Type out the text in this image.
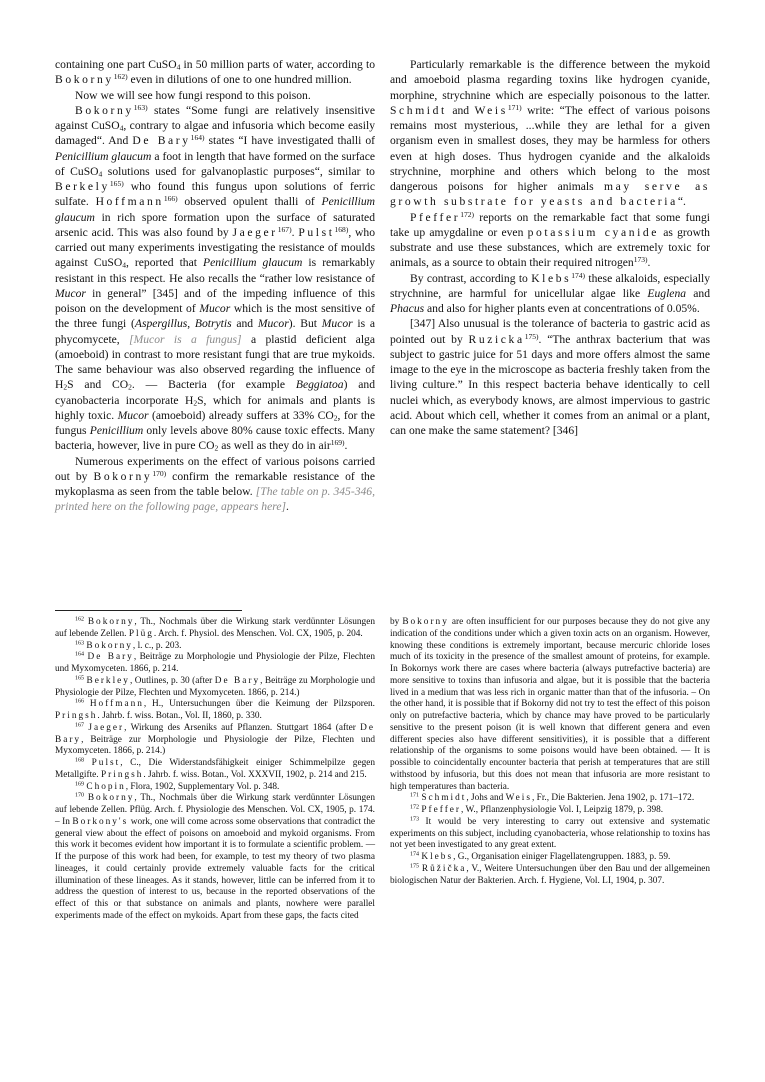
containing one part CuSO$_4$ in 50 million parts of water, according to Bokorny$^{162)}$ even in dilutions of one to one hundred million.

Now we will see how fungi respond to this poison.

Bokorny$^{163)}$ states “Some fungi are relatively insensitive against CuSO$_4$, contrary to algae and infusoria which become easily damaged“. And De Bary$^{164)}$ states “I have investigated thalli of Penicillium glaucum a foot in length that have formed on the surface of CuSO$_4$ solutions used for galvanoplastic purposes“, similar to Berkely$^{165)}$ who found this fungus upon solutions of ferric sulfate. Hoffmann$^{166)}$ observed opulent thalli of Penicillium glaucum in rich spore formation upon the surface of saturated arsenic acid. This was also found by Jaeger$^{167)}$. Pulst$^{168)}$, who carried out many experiments investigating the resistance of moulds against CuSO$_4$, reported that Penicillium glaucum is remarkably resistant in this respect. He also recalls the “rather low resistance of Mucor in general” [345] and of the impeding influence of this poison on the development of Mucor which is the most sensitive of the three fungi (Aspergillus, Botrytis and Mucor). But Mucor is a phycomycete, [Mucor is a fungus] a plastid deficient alga (amoeboid) in contrast to more resistant fungi that are true mykoids. The same behaviour was also observed regarding the influence of $H_2S$ and $CO_2$. — Bacteria (for example Beggiatoa) and cyanobacteria incorporate $H_2S$, which for animals and plants is highly toxic. Mucor (amoeboid) already suffers at 33% $CO_2$, for the fungus Penicillium only levels above 80% cause toxic effects. Many bacteria, however, live in pure $CO_2$ as well as they do in air$^{169)}$.

Numerous experiments on the effect of various poisons carried out by Bokorny$^{170)}$ confirm the remarkable resistance of the mykoplasma as seen from the table below. [The table on p. 345-346, printed here on the following page, appears here].

Particularly remarkable is the difference between the mykoid and amoeboid plasma regarding toxins like hydrogen cyanide, morphine, strychnine which are especially poisonous to the latter. Schmidt and Weis$^{171)}$ write: “The effect of various poisons remains most mysterious, ...while they are lethal for a given organism even in smallest doses, they may be harmless for others even at high doses. Thus hydrogen cyanide and the alkaloids strychnine, morphine and others which belong to the most dangerous poisons for higher animals may serve as growth substrate for yeasts and bacteria“.

Pfeffer$^{172)}$ reports on the remarkable fact that some fungi take up amygdaline or even potassium cyanide as growth substrate and use these substances, which are extremely toxic for animals, as a source to obtain their required nitrogen$^{173)}$.

By contrast, according to Klebs$^{174)}$ these alkaloids, especially strychnine, are harmful for unicellular algae like Euglena and Phacus and also for higher plants even at concentrations of 0.05%.

[347] Also unusual is the tolerance of bacteria to gastric acid as pointed out by Ruzicka$^{175)}$. “The anthrax bacterium that was subject to gastric juice for 51 days and more offers almost the same image to the eye in the microscope as bacteria freshly taken from the living culture.” In this respect bacteria behave identically to cell nuclei which, as everybody knows, are almost impervious to gastric acid. About which cell, whether it comes from an animal or a plant, can one make the same statement? [346]

$^{162}$ Bokorny, Th., Nochmals über die Wirkung stark verdünnter Lösungen auf lebende Zellen. Plüg. Arch. f. Physiol. des Menschen. Vol. CX, 1905, p. 204.

$^{163}$ Bokorny, l. c., p. 203.

$^{164}$ De Bary, Beiträge zu Morphologie und Physiologie der Pilze, Flechten und Myxomyceten. 1866, p. 214.

$^{165}$ Berkley, Outlines, p. 30 (after De Bary, Beiträge zu Morphologie und Physiologie der Pilze, Flechten und Myxomyceten. 1866, p. 214.)

$^{166}$ Hoffmann, H., Untersuchungen über die Keimung der Pilzsporen. Pringsh. Jahrb. f. wiss. Botan., Vol. II, 1860, p. 330.

$^{167}$ Jaeger, Wirkung des Arseniks auf Pflanzen. Stuttgart 1864 (after De Bary, Beiträge zur Morphologie und Physiologie der Pilze, Flechten und Myxomyceten. 1866, p. 214.)

$^{168}$ Pulst, C., Die Widerstandsfähigkeit einiger Schimmelpilze gegen Metallgifte. Pringsh. Jahrb. f. wiss. Botan., Vol. XXXVII, 1902, p. 214 and 215.

$^{169}$ Chopin, Flora, 1902, Supplementary Vol. p. 348.

$^{170}$ Bokorny, Th., Nochmals über die Wirkung stark verdünnter Lösungen auf lebende Zellen. Pflüg. Arch. f. Physiologie des Menschen. Vol. CX, 1905, p. 174. – In Borkony's work, one will come across some observations that contradict the general view about the effect of poisons on amoeboid and mykoid organisms. From this work it becomes evident how important it is to formulate a scientific problem. — If the purpose of this work had been, for example, to test my theory of two plasma lineages, it could certainly provide extremely valuable facts for the critical illumination of these lineages. As it stands, however, little can be inferred from it to address the question of interest to us, because in the reported observations of the effect of this or that substance on animals and plants, nowhere were parallel experiments made of the effect on mykoids. Apart from these gaps, the facts cited

by Bokorny are often insufficient for our purposes because they do not give any indication of the conditions under which a given toxin acts on an organism. However, knowing these conditions is extremely important, because mercuric chloride loses much of its toxicity in the presence of the smallest amount of proteins, for example. In Bokornys work there are cases where bacteria (always putrefactive bacteria) are more sensitive to toxins than infusoria and algae, but it is possible that the bacteria lived in a medium that was less rich in organic matter than that of the infusoria. – On the other hand, it is possible that if Bokorny did not try to test the effect of this poison only on putrefactive bacteria, which by chance may have proved to be particularly sensitive to the present poison (it is well known that different genera and even different species also have different sensitivities), it is possible that a different relationship of the organisms to some poisons would have been obtained. — It is possible to coincidentally encounter bacteria that perish at temperatures that are still withstood by infusoria, but this does not mean that infusoria are more resistant to high temperatures than bacteria.

$^{171}$ Schmidt, Johs and Weis, Fr., Die Bakterien. Jena 1902, p. 171–172.

$^{172}$ Pfeffer, W., Pflanzenphysiologie Vol. I, Leipzig 1879, p. 398.

$^{173}$ It would be very interesting to carry out extensive and systematic experiments on this subject, including cyanobacteria, whose relationship to toxins has not yet been investigated to any great extent.

$^{174}$ Klebs, G., Organisation einiger Flagellatengruppen. 1883, p. 59.

$^{175}$ Růžička, V., Weitere Untersuchungen über den Bau und der allgemeinen biologischen Natur der Bakterien. Arch. f. Hygiene, Vol. LI, 1904, p. 307.
